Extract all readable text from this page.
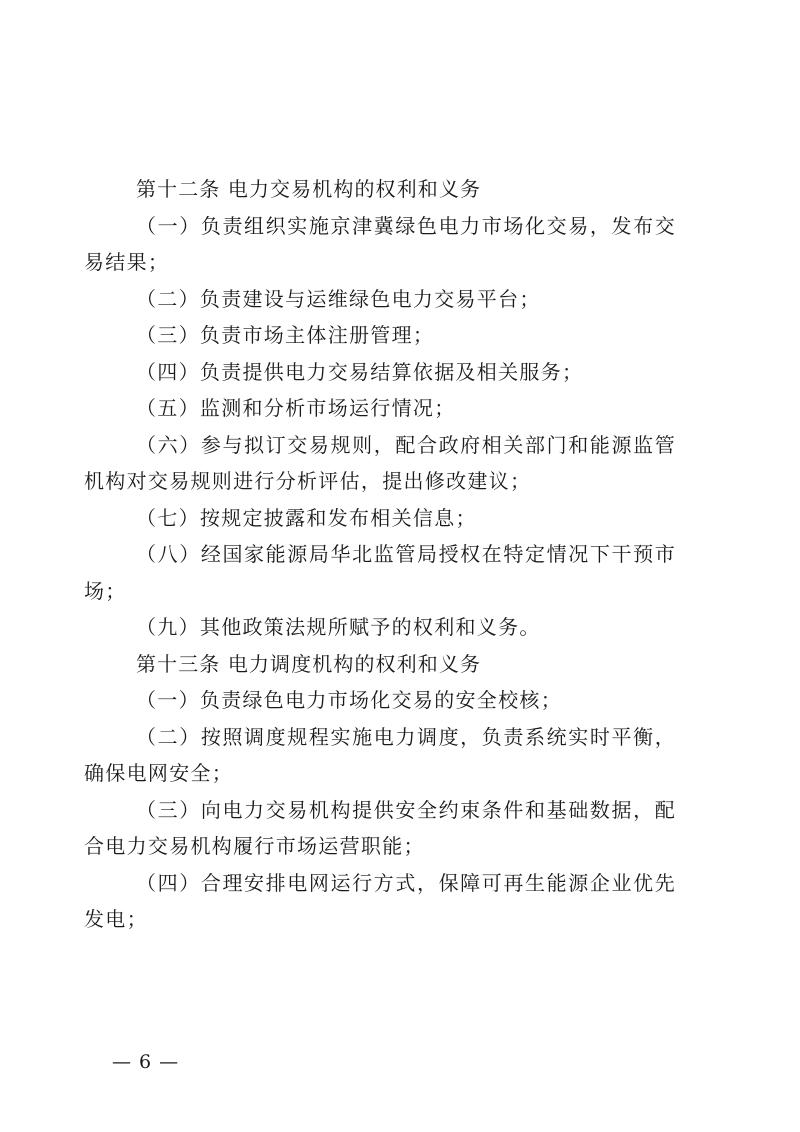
第十二条 电力交易机构的权利和义务

（一）负责组织实施京津冀绿色电力市场化交易，发布交易结果；

（二）负责建设与运维绿色电力交易平台；

（三）负责市场主体注册管理；

（四）负责提供电力交易结算依据及相关服务；

（五）监测和分析市场运行情况；

（六）参与拟订交易规则，配合政府相关部门和能源监管机构对交易规则进行分析评估，提出修改建议；

（七）按规定披露和发布相关信息；

（八）经国家能源局华北监管局授权在特定情况下干预市场；

（九）其他政策法规所赋予的权利和义务。

第十三条 电力调度机构的权利和义务

（一）负责绿色电力市场化交易的安全校核；

（二）按照调度规程实施电力调度，负责系统实时平衡，确保电网安全；

（三）向电力交易机构提供安全约束条件和基础数据，配合电力交易机构履行市场运营职能；

（四）合理安排电网运行方式，保障可再生能源企业优先发电；

— 6 —
